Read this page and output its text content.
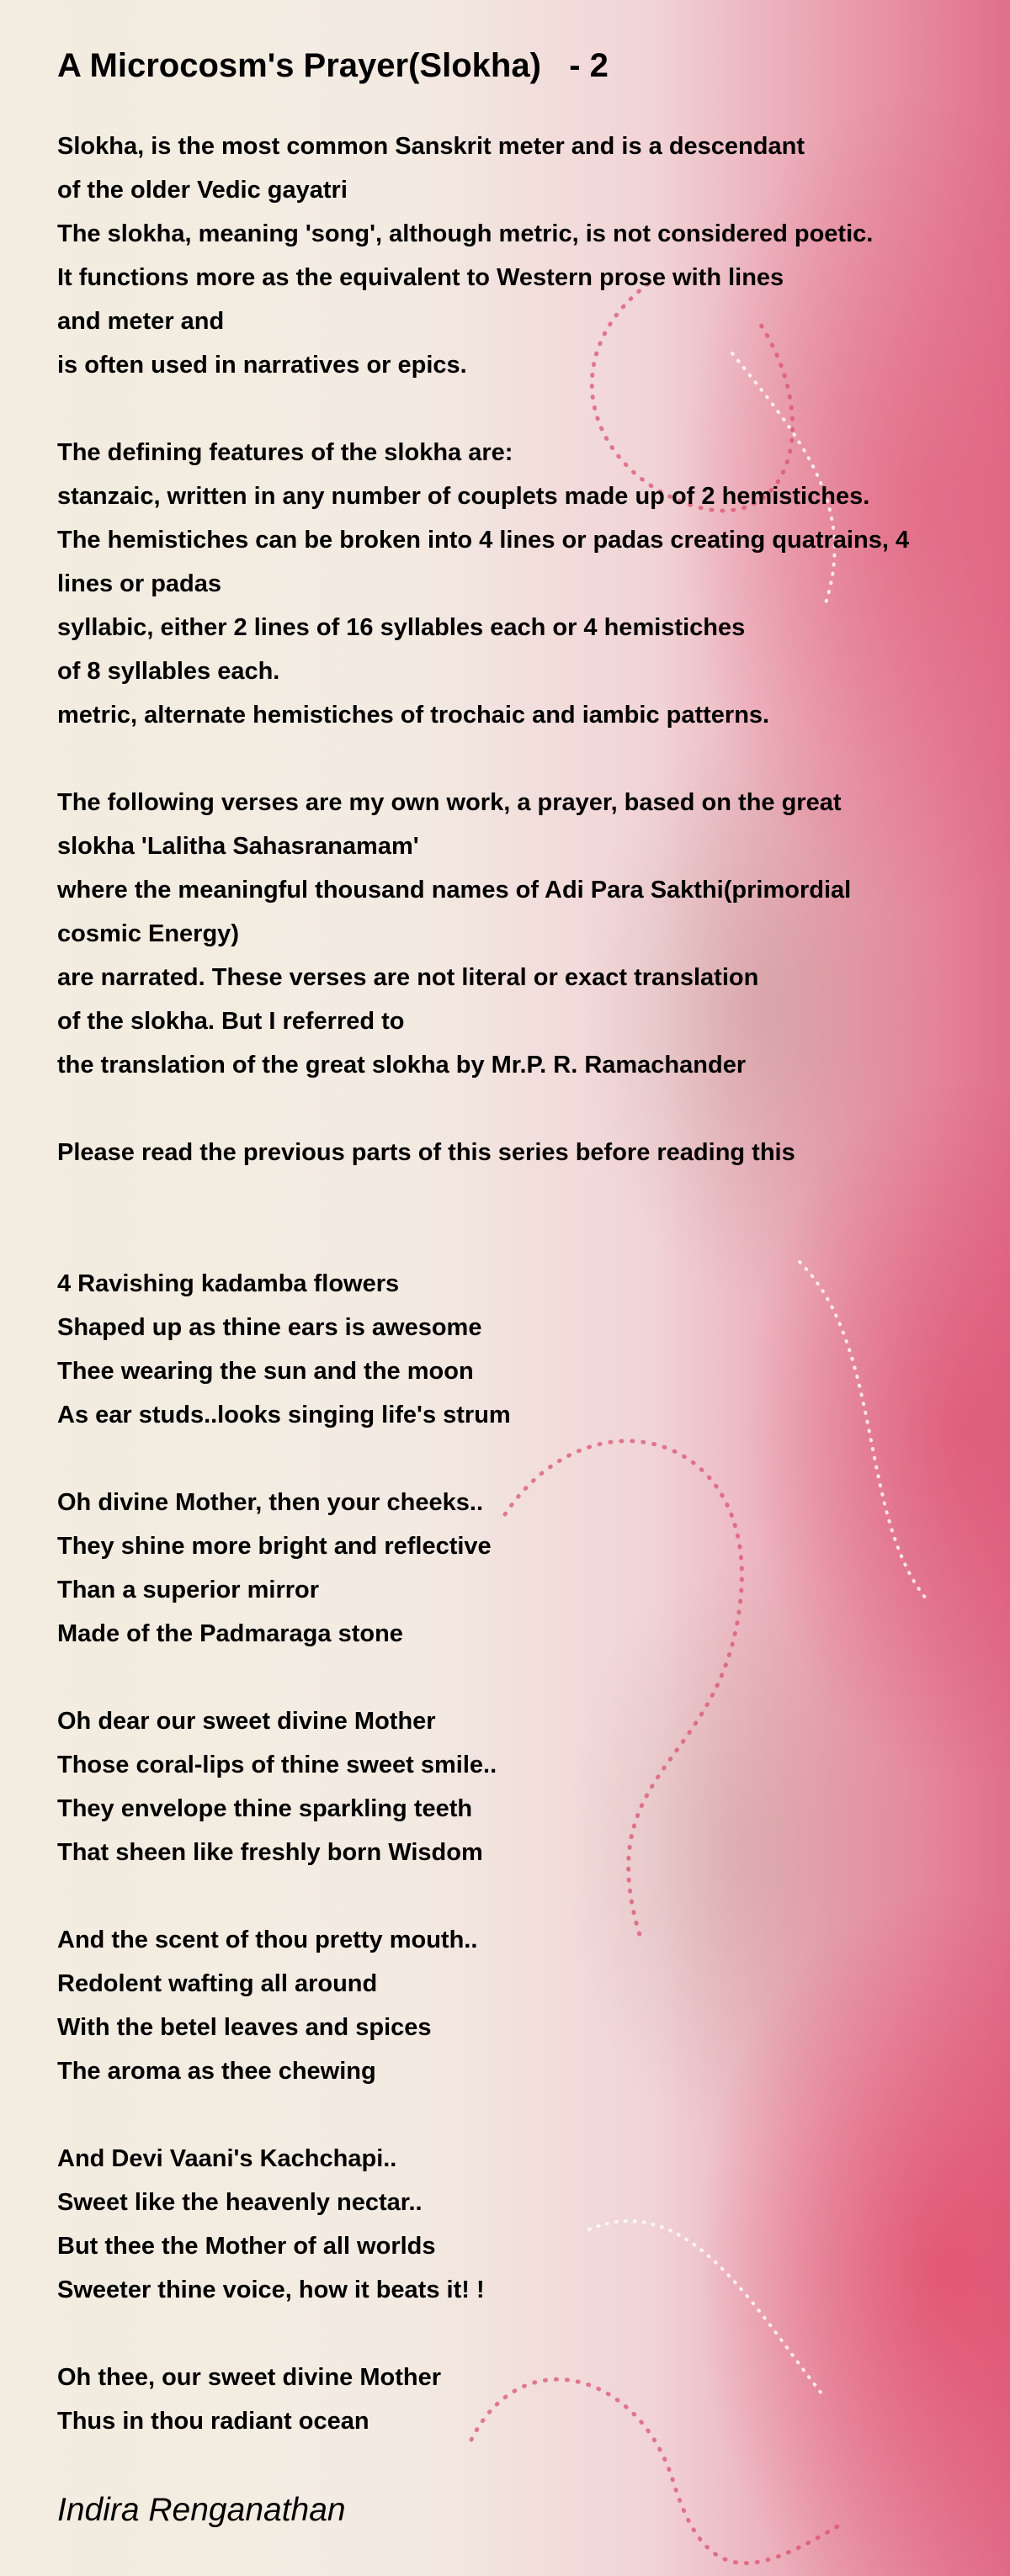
A Microcosm's Prayer(Slokha)   - 2
Slokha, is the most common Sanskrit meter and is a descendant
of the older Vedic gayatri
The slokha, meaning 'song', although metric, is not considered poetic.
It functions more as the equivalent to Western prose with lines
and meter and
is often used in narratives or epics.
The defining features of the slokha are:
stanzaic, written in any number of couplets made up of 2 hemistiches.
The hemistiches can be broken into 4 lines or padas creating quatrains, 4
lines or padas
syllabic, either 2 lines of 16 syllables each or 4 hemistiches
of 8 syllables each.
metric, alternate hemistiches of trochaic and iambic patterns.
The following verses are my own work, a prayer, based on the great
slokha 'Lalitha Sahasranamam'
where the meaningful thousand names of Adi Para Sakthi(primordial
cosmic Energy)
are narrated. These verses are not literal or exact translation
of the slokha. But I referred to
the translation of the great slokha by Mr.P. R. Ramachander
Please read the previous parts of this series before reading this
4 Ravishing kadamba flowers
Shaped up as thine ears is awesome
Thee wearing the sun and the moon
As ear studs..looks singing life's strum
Oh divine Mother, then your cheeks..
They shine more bright and reflective
Than a superior mirror
Made of the Padmaraga stone
Oh dear our sweet divine Mother
Those coral-lips of thine sweet smile..
They envelope thine sparkling teeth
That sheen like freshly born Wisdom
And the scent of thou pretty mouth..
Redolent wafting all around
With the betel leaves and spices
The aroma as thee chewing
And Devi Vaani's Kachchapi..
Sweet like the heavenly nectar..
But thee the Mother of all worlds
Sweeter thine voice, how it beats it! !
Oh thee, our sweet divine Mother
Thus in thou radiant ocean
Indira Renganathan
